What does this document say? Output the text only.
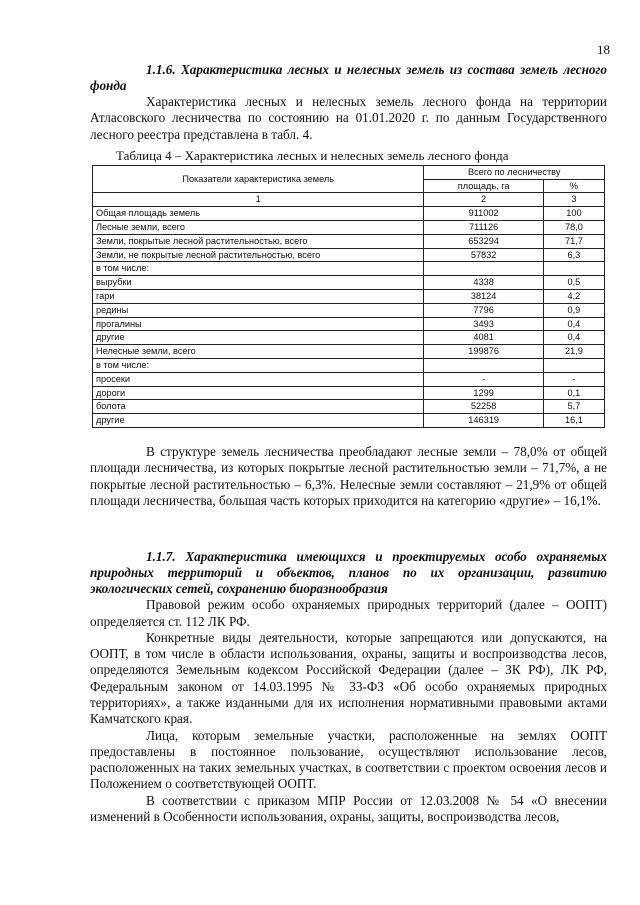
18
1.1.6. Характеристика лесных и нелесных земель из состава земель лесного фонда

Характеристика лесных и нелесных земель лесного фонда на территории Атласовского лесничества по состоянию на 01.01.2020 г. по данным Государственного лесного реестра представлена в табл. 4.

Таблица 4 – Характеристика лесных и нелесных земель лесного фонда
Показатели характеристика земель	Всего по лесничеству	
	площадь, га	%
1	2	3
Общая площадь земель	911002	100
Лесные земли, всего	711126	78,0
Земли, покрытые лесной растительностью, всего	653294	71,7
Земли, не покрытые лесной растительностью, всего	57832	6,3
в том числе:		
вырубки	4338	0,5
гари	38124	4,2
редины	7796	0,9
прогалины	3493	0,4
другие	4081	0,4
Нелесные земли, всего	199876	21,9
в том числе:		
просеки	-	-
дороги	1299	0,1
болота	52258	5,7
другие	146319	16,1

В структуре земель лесничества преобладают лесные земли – 78,0% от общей площади лесничества, из которых покрытые лесной растительностью земли – 71,7%, а не покрытые лесной растительностью – 6,3%. Нелесные земли составляют – 21,9% от общей площади лесничества, большая часть которых приходится на категорию «другие» – 16,1%.

1.1.7. Характеристика имеющихся и проектируемых особо охраняемых природных территорий и объектов, планов по их организации, развитию экологических сетей, сохранению биоразнообразия

Правовой режим особо охраняемых природных территорий (далее – ООПТ) определяется ст. 112 ЛК РФ.

Конкретные виды деятельности, которые запрещаются или допускаются, на ООПТ, в том числе в области использования, охраны, защиты и воспроизводства лесов, определяются Земельным кодексом Российской Федерации (далее – ЗК РФ), ЛК РФ, Федеральным законом от 14.03.1995 № 33-ФЗ «Об особо охраняемых природных территориях», а также изданными для их исполнения нормативными правовыми актами Камчатского края.

Лица, которым земельные участки, расположенные на землях ООПТ предоставлены в постоянное пользование, осуществляют использование лесов, расположенных на таких земельных участках, в соответствии с проектом освоения лесов и Положением о соответствующей ООПТ.

В соответствии с приказом МПР России от 12.03.2008 № 54 «О внесении изменений в Особенности использования, охраны, защиты, воспроизводства лесов,
